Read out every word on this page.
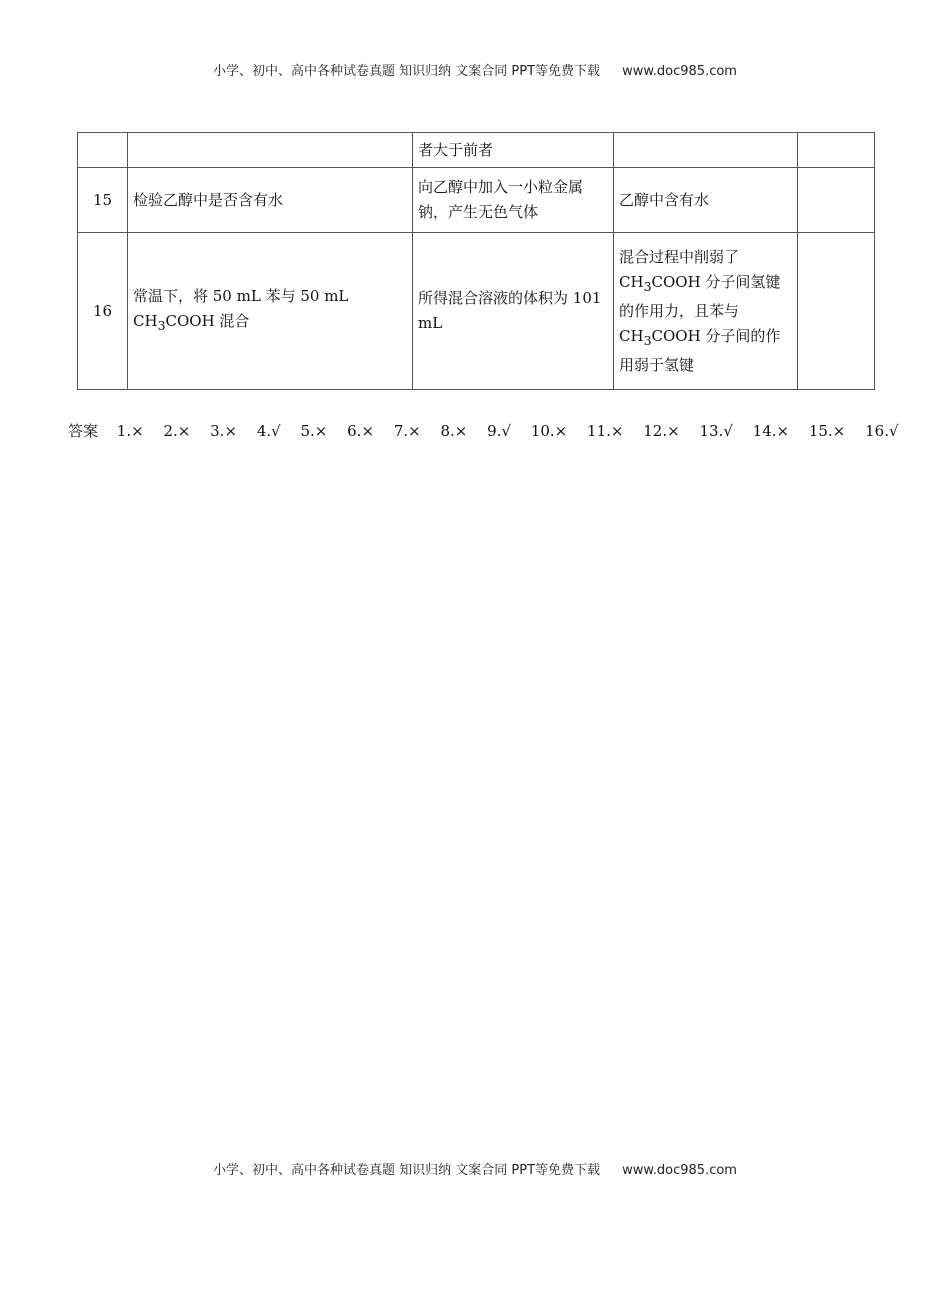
小学、初中、高中各种试卷真题 知识归纳 文案合同 PPT等免费下载 www.doc985.com
		者大于前者		
15	检验乙醇中是否含有水	向乙醇中加入一小粒金属钠，产生无色气体	乙醇中含有水	
16	常温下，将 50 mL 苯与 50 mL
$CH_3COOH$ 混合	所得混合溶液的体积为 101 mL	混合过程中削弱了
$CH_3COOH$ 分子间氢键的作用力，且苯与 $CH_3COOH$ 分子间的作用弱于氢键	
答案 1.× 2.× 3.× 4.√ 5.× 6.× 7.× 8.× 9.√ 10.× 11.× 12.× 13.√ 14.× 15.× 16.√
小学、初中、高中各种试卷真题 知识归纳 文案合同 PPT等免费下载 www.doc985.com
